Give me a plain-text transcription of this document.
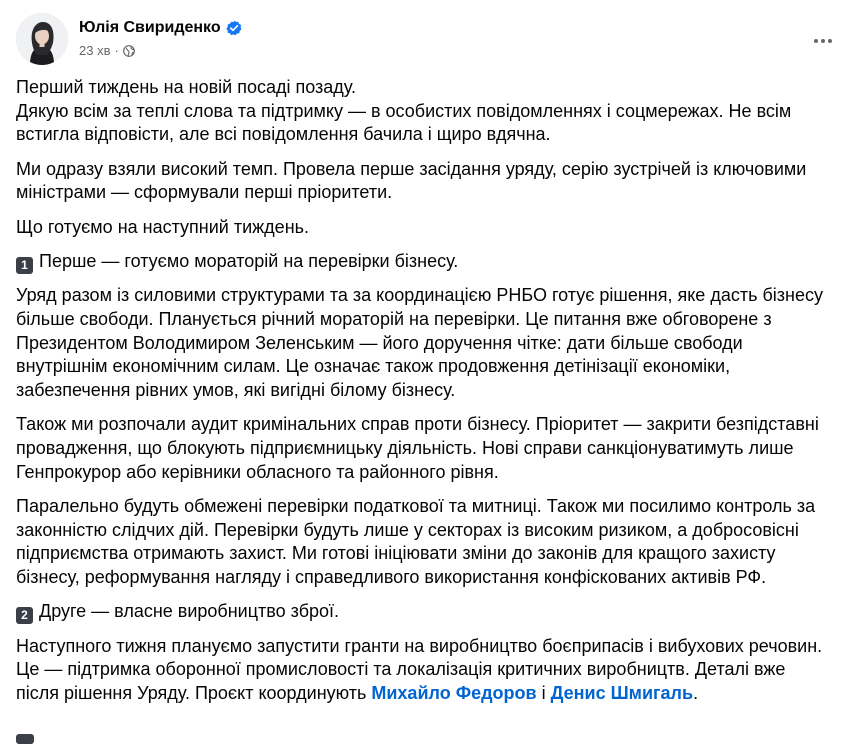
Юлія Свириденко
23 хв ·

Перший тиждень на новій посаді позаду.
Дякую всім за теплі слова та підтримку — в особистих повідомленнях і соцмережах. Не всім
встигла відповісти, але всі повідомлення бачила і щиро вдячна.

Ми одразу взяли високий темп. Провела перше засідання уряду, серію зустрічей із ключовими
міністрами — сформували перші пріоритети.

Що готуємо на наступний тиждень.

1 Перше — готуємо мораторій на перевірки бізнесу.

Уряд разом із силовими структурами та за координацією РНБО готує рішення, яке дасть бізнесу
більше свободи. Планується річний мораторій на перевірки. Це питання вже обговорене з
Президентом Володимиром Зеленським — його доручення чітке: дати більше свободи
внутрішнім економічним силам. Це означає також продовження детінізації економіки,
забезпечення рівних умов, які вигідні білому бізнесу.

Також ми розпочали аудит кримінальних справ проти бізнесу. Пріоритет — закрити безпідставні
провадження, що блокують підприємницьку діяльність. Нові справи санкціонуватимуть лише
Генпрокурор або керівники обласного та районного рівня.

Паралельно будуть обмежені перевірки податкової та митниці. Також ми посилимо контроль за
законністю слідчих дій. Перевірки будуть лише у секторах із високим ризиком, а добросовісні
підприємства отримають захист. Ми готові ініціювати зміни до законів для кращого захисту
бізнесу, реформування нагляду і справедливого використання конфіскованих активів РФ.

2 Друге — власне виробництво зброї.

Наступного тижня плануємо запустити гранти на виробництво боєприпасів і вибухових речовин.
Це — підтримка оборонної промисловості та локалізація критичних виробництв. Деталі вже
після рішення Уряду. Проєкт координують Михайло Федоров і Денис Шмигаль.
